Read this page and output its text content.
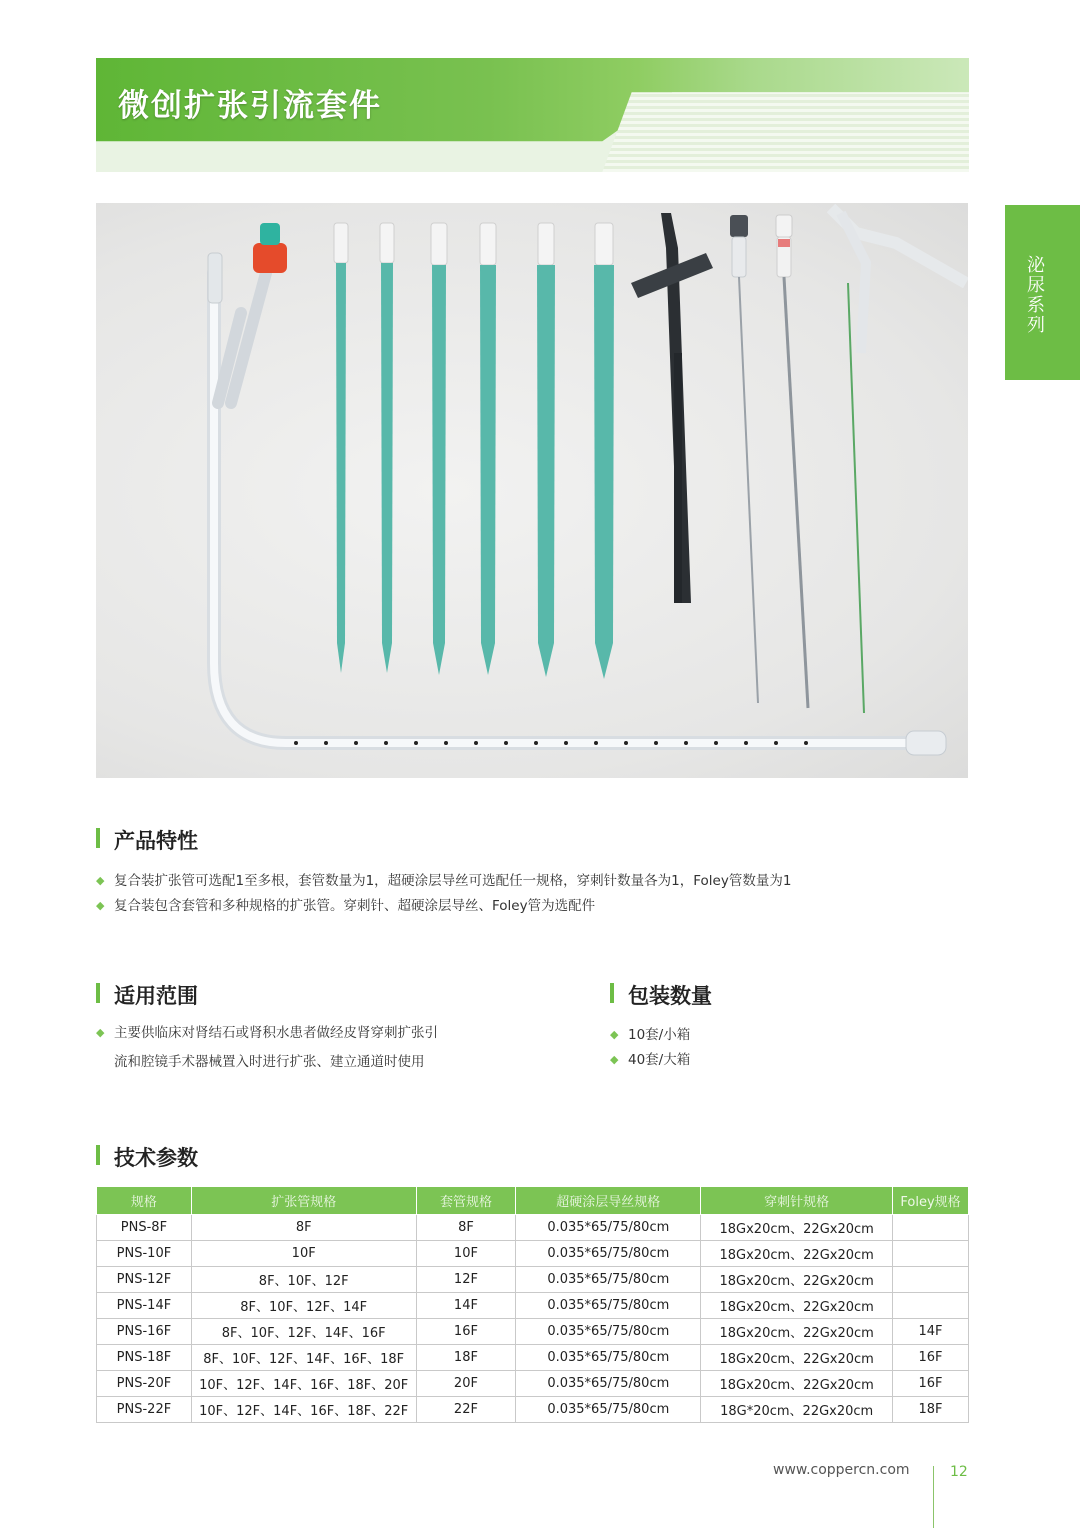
微创扩张引流套件
泌尿系列
产品特性
◆ 复合装扩张管可选配1至多根，套管数量为1，超硬涂层导丝可选配任一规格，穿刺针数量各为1，Foley管数量为1
◆ 复合装包含套管和多种规格的扩张管。穿刺针、超硬涂层导丝、Foley管为选配件
适用范围
◆ 主要供临床对肾结石或肾积水患者做经皮肾穿刺扩张引
流和腔镜手术器械置入时进行扩张、建立通道时使用
包装数量
◆ 10套/小箱
◆ 40套/大箱
技术参数
规格	扩张管规格	套管规格	超硬涂层导丝规格	穿刺针规格	Foley规格
PNS-8F	8F	8F	0.035*65/75/80cm	18Gx20cm、22Gx20cm	
PNS-10F	10F	10F	0.035*65/75/80cm	18Gx20cm、22Gx20cm	
PNS-12F	8F、10F、12F	12F	0.035*65/75/80cm	18Gx20cm、22Gx20cm	
PNS-14F	8F、10F、12F、14F	14F	0.035*65/75/80cm	18Gx20cm、22Gx20cm	
PNS-16F	8F、10F、12F、14F、16F	16F	0.035*65/75/80cm	18Gx20cm、22Gx20cm	14F
PNS-18F	8F、10F、12F、14F、16F、18F	18F	0.035*65/75/80cm	18Gx20cm、22Gx20cm	16F
PNS-20F	10F、12F、14F、16F、18F、20F	20F	0.035*65/75/80cm	18Gx20cm、22Gx20cm	16F
PNS-22F	10F、12F、14F、16F、18F、22F	22F	0.035*65/75/80cm	18G*20cm、22Gx20cm	18F
www.coppercn.com	12
